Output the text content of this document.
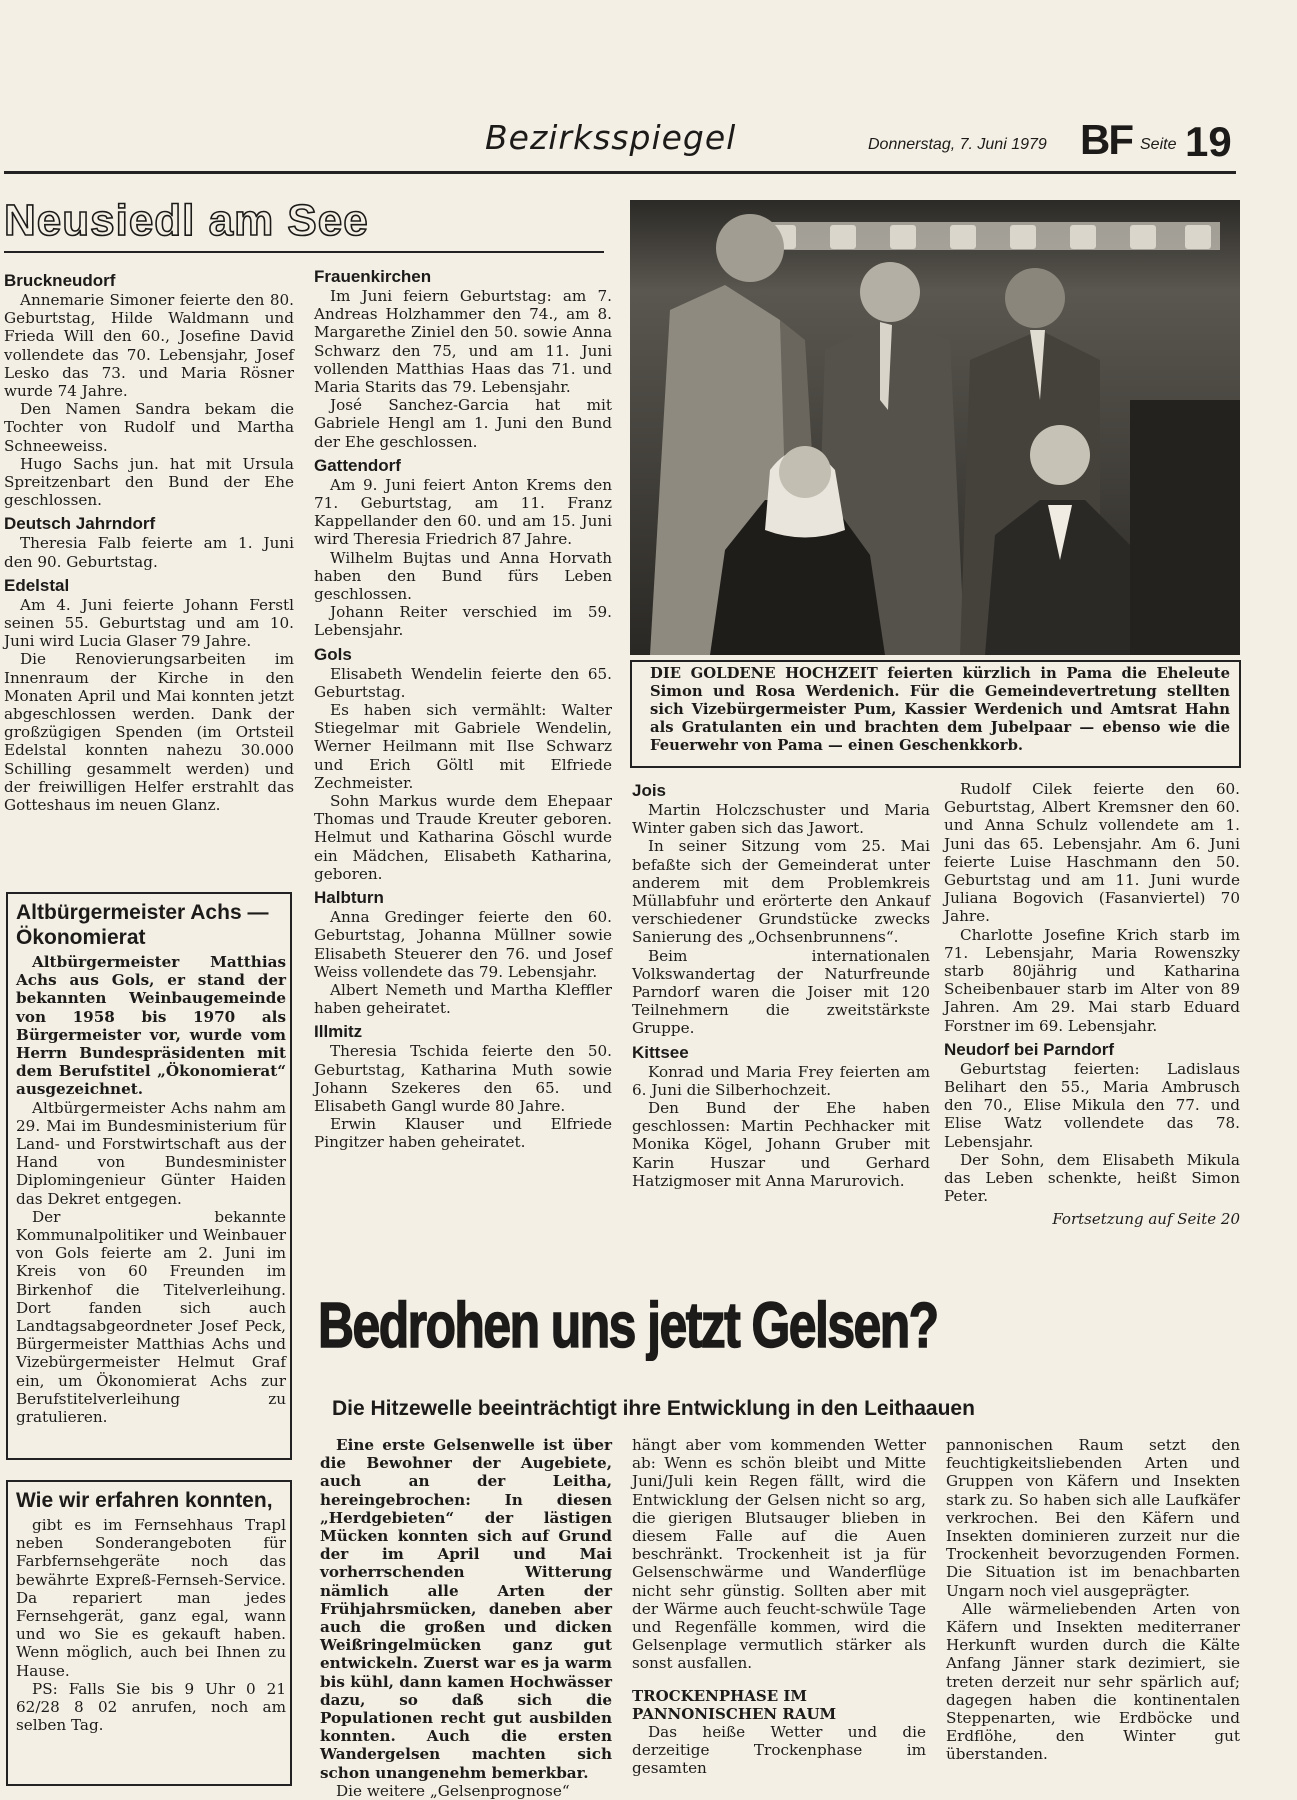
Bezirksspiegel	Donnerstag, 7. Juni 1979 BF Seite 19
Neusiedl am See
Bruckneudorf

Annemarie Simoner feierte den 80. Geburtstag, Hilde Waldmann und Frieda Will den 60., Josefine David vollendete das 70. Lebensjahr, Josef Lesko das 73. und Maria Rösner wurde 74 Jahre.

Den Namen Sandra bekam die Tochter von Rudolf und Martha Schneeweiss.

Hugo Sachs jun. hat mit Ursula Spreitzenbart den Bund der Ehe geschlossen.

Deutsch Jahrndorf

Theresia Falb feierte am 1. Juni den 90. Geburtstag.

Edelstal

Am 4. Juni feierte Johann Ferstl seinen 55. Geburtstag und am 10. Juni wird Lucia Glaser 79 Jahre.

Die Renovierungsarbeiten im Innenraum der Kirche in den Monaten April und Mai konnten jetzt abgeschlossen werden. Dank der großzügigen Spenden (im Ortsteil Edelstal konnten nahezu 30.000 Schilling gesammelt werden) und der freiwilligen Helfer erstrahlt das Gotteshaus im neuen Glanz.

Altbürgermeister Achs — Ökonomierat

Altbürgermeister Matthias Achs aus Gols, er stand der bekannten Weinbaugemeinde von 1958 bis 1970 als Bürgermeister vor, wurde vom Herrn Bundespräsidenten mit dem Berufstitel „Ökonomierat“ ausgezeichnet.

Altbürgermeister Achs nahm am 29. Mai im Bundesministerium für Land- und Forstwirtschaft aus der Hand von Bundesminister Diplomingenieur Günter Haiden das Dekret entgegen.

Der bekannte Kommunalpolitiker und Weinbauer von Gols feierte am 2. Juni im Kreis von 60 Freunden im Birkenhof die Titelverleihung. Dort fanden sich auch Landtagsabgeordneter Josef Peck, Bürgermeister Matthias Achs und Vizebürgermeister Helmut Graf ein, um Ökonomierat Achs zur Berufstitelverleihung zu gratulieren.

Wie wir erfahren konnten,

gibt es im Fernsehhaus Trapl neben Sonderangeboten für Farbfernsehgeräte noch das bewährte Expreß-Fernseh-Service. Da repariert man jedes Fernsehgerät, ganz egal, wann und wo Sie es gekauft haben. Wenn möglich, auch bei Ihnen zu Hause.

PS: Falls Sie bis 9 Uhr 0 21 62/28 8 02 anrufen, noch am selben Tag.

Frauenkirchen

Im Juni feiern Geburtstag: am 7. Andreas Holzhammer den 74., am 8. Margarethe Ziniel den 50. sowie Anna Schwarz den 75, und am 11. Juni vollenden Matthias Haas das 71. und Maria Starits das 79. Lebensjahr.

José Sanchez-Garcia hat mit Gabriele Hengl am 1. Juni den Bund der Ehe geschlossen.

Gattendorf

Am 9. Juni feiert Anton Krems den 71. Geburtstag, am 11. Franz Kappellander den 60. und am 15. Juni wird Theresia Friedrich 87 Jahre.

Wilhelm Bujtas und Anna Horvath haben den Bund fürs Leben geschlossen.

Johann Reiter verschied im 59. Lebensjahr.

Gols

Elisabeth Wendelin feierte den 65. Geburtstag.

Es haben sich vermählt: Walter Stiegelmar mit Gabriele Wendelin, Werner Heilmann mit Ilse Schwarz und Erich Göltl mit Elfriede Zechmeister.

Sohn Markus wurde dem Ehepaar Thomas und Traude Kreuter geboren. Helmut und Katharina Göschl wurde ein Mädchen, Elisabeth Katharina, geboren.

Halbturn

Anna Gredinger feierte den 60. Geburtstag, Johanna Müllner sowie Elisabeth Steuerer den 76. und Josef Weiss vollendete das 79. Lebensjahr.

Albert Nemeth und Martha Kleffler haben geheiratet.

Illmitz

Theresia Tschida feierte den 50. Geburtstag, Katharina Muth sowie Johann Szekeres den 65. und Elisabeth Gangl wurde 80 Jahre.

Erwin Klauser und Elfriede Pingitzer haben geheiratet.

DIE GOLDENE HOCHZEIT feierten kürzlich in Pama die Eheleute Simon und Rosa Werdenich. Für die Gemeindevertretung stellten sich Vizebürgermeister Pum, Kassier Werdenich und Amtsrat Hahn als Gratulanten ein und brachten dem Jubelpaar — ebenso wie die Feuerwehr von Pama — einen Geschenkkorb.
Jois

Martin Holczschuster und Maria Winter gaben sich das Jawort.

In seiner Sitzung vom 25. Mai befaßte sich der Gemeinderat unter anderem mit dem Problemkreis Müllabfuhr und erörterte den Ankauf verschiedener Grundstücke zwecks Sanierung des „Ochsenbrunnens“.

Beim internationalen Volkswandertag der Naturfreunde Parndorf waren die Joiser mit 120 Teilnehmern die zweitstärkste Gruppe.

Kittsee

Konrad und Maria Frey feierten am 6. Juni die Silberhochzeit.

Den Bund der Ehe haben geschlossen: Martin Pechhacker mit Monika Kögel, Johann Gruber mit Karin Huszar und Gerhard Hatzigmoser mit Anna Marurovich.

Rudolf Cilek feierte den 60. Geburtstag, Albert Kremsner den 60. und Anna Schulz vollendete am 1. Juni das 65. Lebensjahr. Am 6. Juni feierte Luise Haschmann den 50. Geburtstag und am 11. Juni wurde Juliana Bogovich (Fasanviertel) 70 Jahre.

Charlotte Josefine Krich starb im 71. Lebensjahr, Maria Rowenszky starb 80jährig und Katharina Scheibenbauer starb im Alter von 89 Jahren. Am 29. Mai starb Eduard Forstner im 69. Lebensjahr.

Neudorf bei Parndorf

Geburtstag feierten: Ladislaus Belihart den 55., Maria Ambrusch den 70., Elise Mikula den 77. und Elise Watz vollendete das 78. Lebensjahr.

Der Sohn, dem Elisabeth Mikula das Leben schenkte, heißt Simon Peter.

Fortsetzung auf Seite 20
Bedrohen uns jetzt Gelsen?
Die Hitzewelle beeinträchtigt ihre Entwicklung in den Leithaauen

Eine erste Gelsenwelle ist über die Bewohner der Augebiete, auch an der Leitha, hereingebrochen: In diesen „Herdgebieten“ der lästigen Mücken konnten sich auf Grund der im April und Mai vorherrschenden Witterung nämlich alle Arten der Frühjahrsmücken, daneben aber auch die großen und dicken Weißringelmücken ganz gut entwickeln. Zuerst war es ja warm bis kühl, dann kamen Hochwässer dazu, so daß sich die Populationen recht gut ausbilden konnten. Auch die ersten Wandergelsen machten sich schon unangenehm bemerkbar.

Die weitere „Gelsenprognose“

hängt aber vom kommenden Wetter ab: Wenn es schön bleibt und Mitte Juni/Juli kein Regen fällt, wird die Entwicklung der Gelsen nicht so arg, die gierigen Blutsauger blieben in diesem Falle auf die Auen beschränkt. Trockenheit ist ja für Gelsenschwärme und Wanderflüge nicht sehr günstig. Sollten aber mit der Wärme auch feucht-schwüle Tage und Regenfälle kommen, wird die Gelsenplage vermutlich stärker als sonst ausfallen.

TROCKENPHASE IM PANNONISCHEN RAUM

Das heiße Wetter und die derzeitige Trockenphase im gesamten

pannonischen Raum setzt den feuchtigkeitsliebenden Arten und Gruppen von Käfern und Insekten stark zu. So haben sich alle Laufkäfer verkrochen. Bei den Käfern und Insekten dominieren zurzeit nur die Trockenheit bevorzugenden Formen. Die Situation ist im benachbarten Ungarn noch viel ausgeprägter.

Alle wärmeliebenden Arten von Käfern und Insekten mediterraner Herkunft wurden durch die Kälte Anfang Jänner stark dezimiert, sie treten derzeit nur sehr spärlich auf; dagegen haben die kontinentalen Steppenarten, wie Erdböcke und Erdflöhe, den Winter gut überstanden.
